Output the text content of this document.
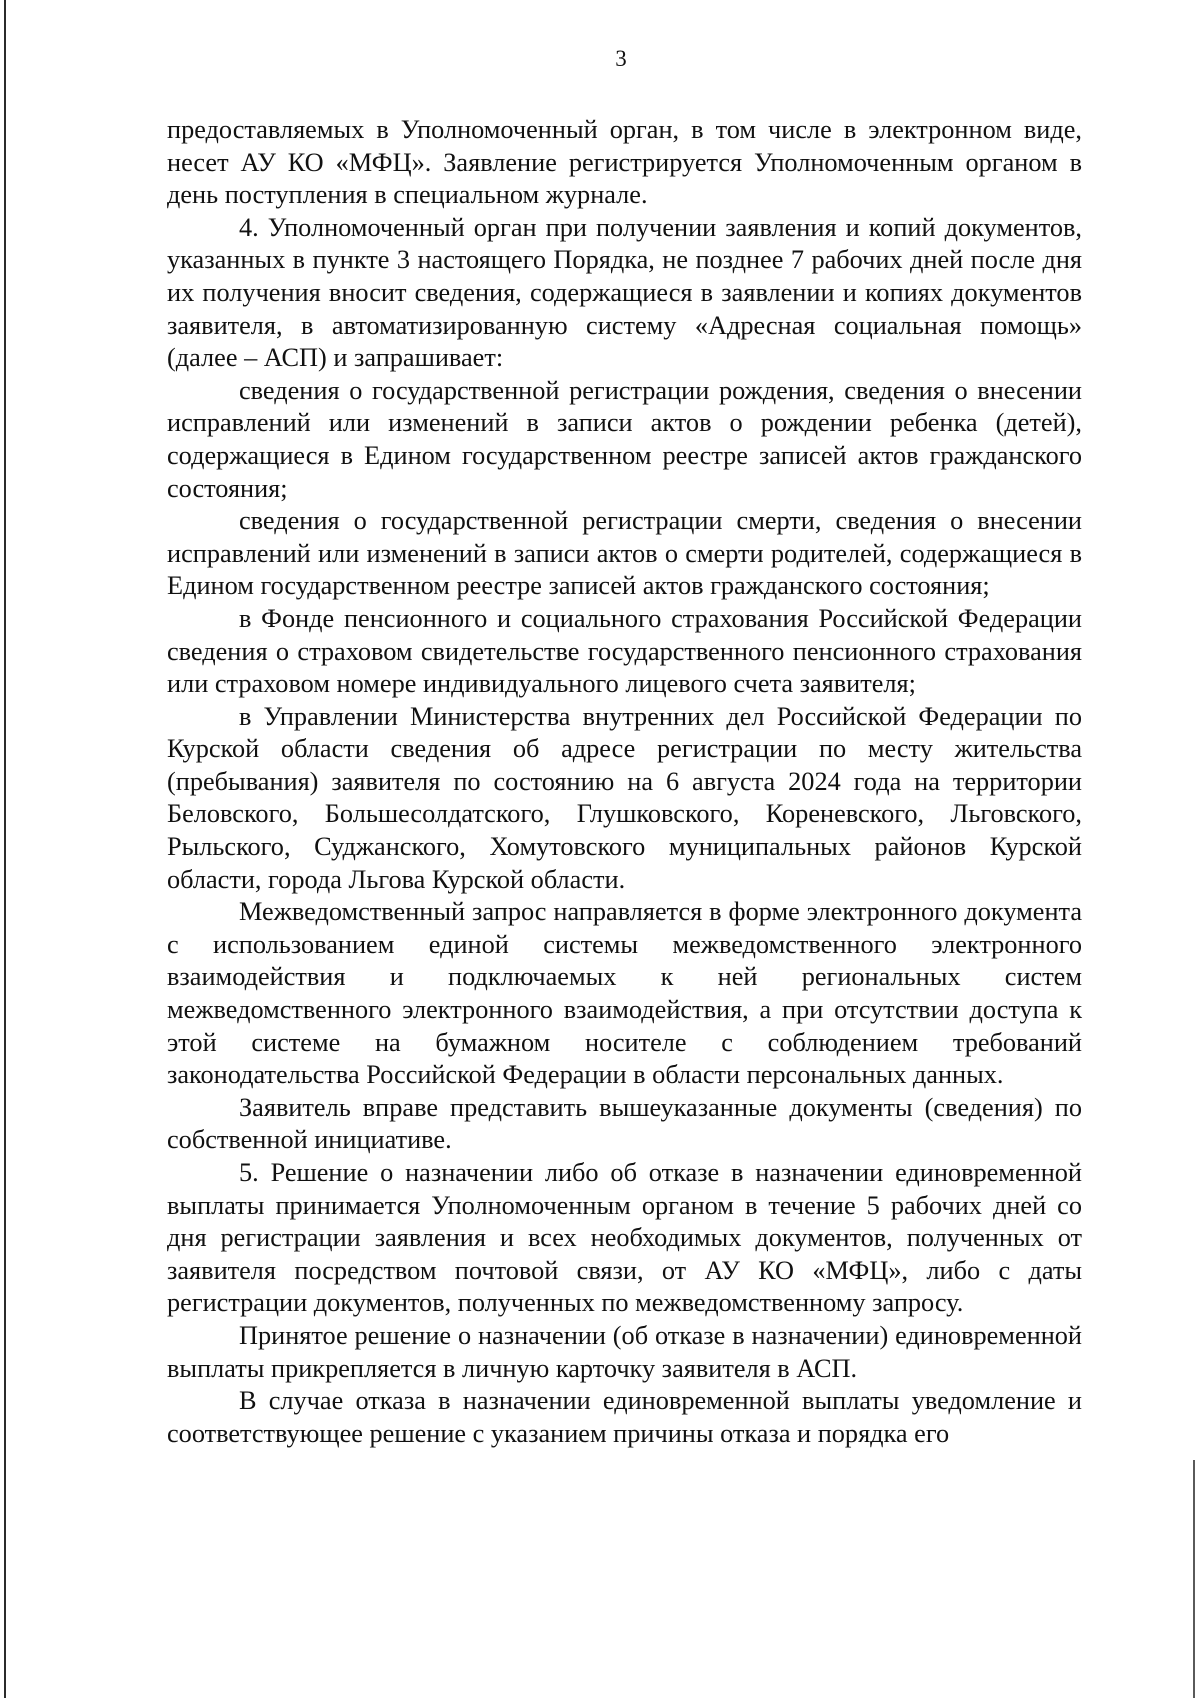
3

предоставляемых в Уполномоченный орган, в том числе в электронном виде, несет АУ КО «МФЦ». Заявление регистрируется Уполномоченным органом в день поступления в специальном журнале.

4. Уполномоченный орган при получении заявления и копий документов, указанных в пункте 3 настоящего Порядка, не позднее 7 рабочих дней после дня их получения вносит сведения, содержащиеся в заявлении и копиях документов заявителя, в автоматизированную систему «Адресная социальная помощь» (далее – АСП) и запрашивает:

сведения о государственной регистрации рождения, сведения о внесении исправлений или изменений в записи актов о рождении ребенка (детей), содержащиеся в Едином государственном реестре записей актов гражданского состояния;

сведения о государственной регистрации смерти, сведения о внесении исправлений или изменений в записи актов о смерти родителей, содержащиеся в Едином государственном реестре записей актов гражданского состояния;

в Фонде пенсионного и социального страхования Российской Федерации сведения о страховом свидетельстве государственного пенсионного страхования или страховом номере индивидуального лицевого счета заявителя;

в Управлении Министерства внутренних дел Российской Федерации по Курской области сведения об адресе регистрации по месту жительства (пребывания) заявителя по состоянию на 6 августа 2024 года на территории Беловского, Большесолдатского, Глушковского, Кореневского, Льговского, Рыльского, Суджанского, Хомутовского муниципальных районов Курской области, города Льгова Курской области.

Межведомственный запрос направляется в форме электронного документа с использованием единой системы межведомственного электронного взаимодействия и подключаемых к ней региональных систем межведомственного электронного взаимодействия, а при отсутствии доступа к этой системе на бумажном носителе с соблюдением требований законодательства Российской Федерации в области персональных данных.

Заявитель вправе представить вышеуказанные документы (сведения) по собственной инициативе.

5. Решение о назначении либо об отказе в назначении единовременной выплаты принимается Уполномоченным органом в течение 5 рабочих дней со дня регистрации заявления и всех необходимых документов, полученных от заявителя посредством почтовой связи, от АУ КО «МФЦ», либо с даты регистрации документов, полученных по межведомственному запросу.

Принятое решение о назначении (об отказе в назначении) единовременной выплаты прикрепляется в личную карточку заявителя в АСП.

В случае отказа в назначении единовременной выплаты уведомление и соответствующее решение с указанием причины отказа и порядка его
